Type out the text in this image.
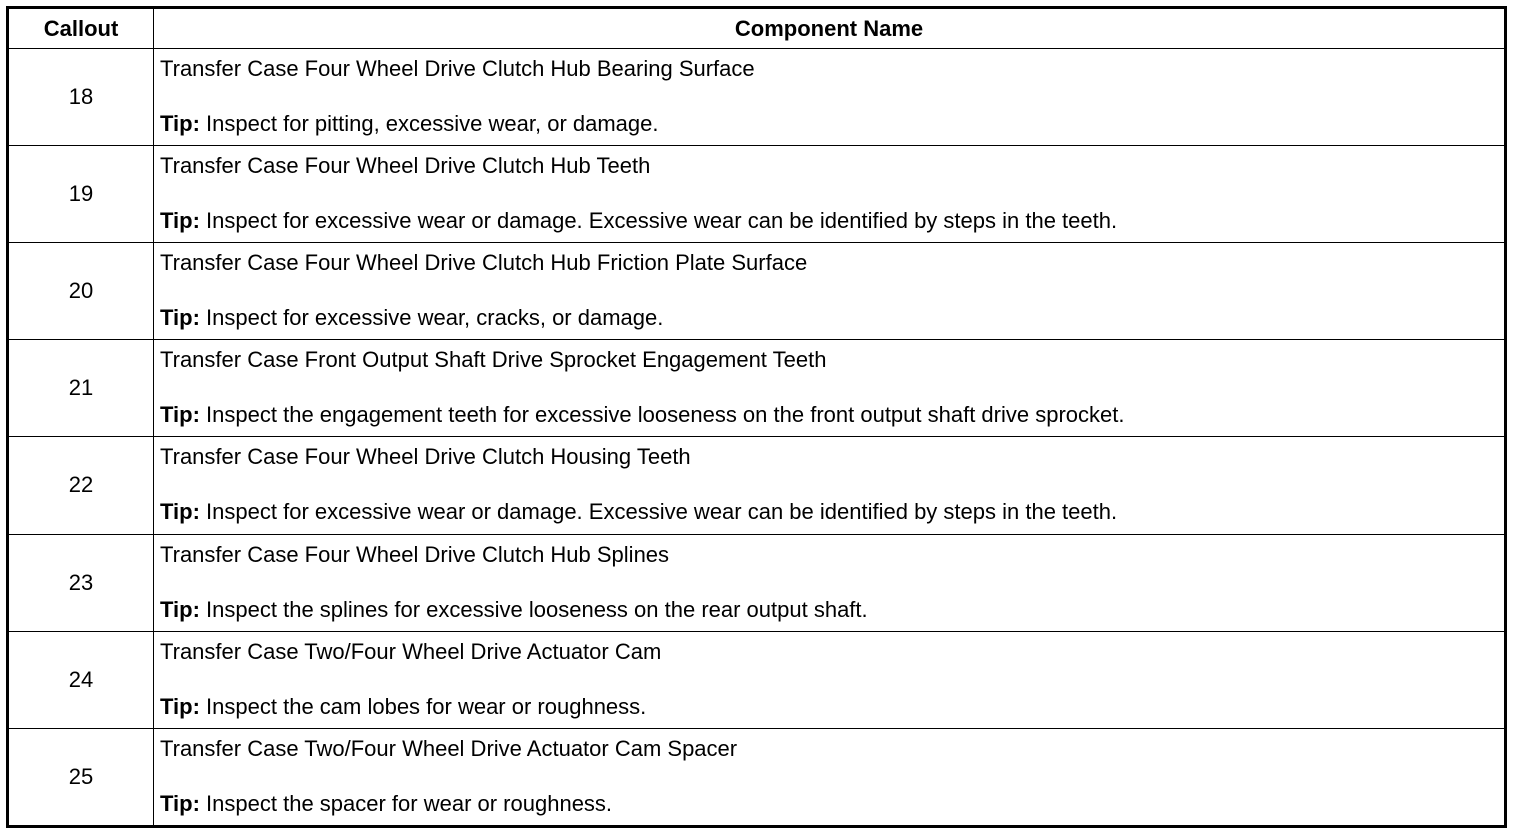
Callout	Component Name
18	Transfer Case Four Wheel Drive Clutch Hub Bearing Surface
Tip: Inspect for pitting, excessive wear, or damage.

19	Transfer Case Four Wheel Drive Clutch Hub Teeth
Tip: Inspect for excessive wear or damage. Excessive wear can be identified by steps in the teeth.

20	Transfer Case Four Wheel Drive Clutch Hub Friction Plate Surface
Tip: Inspect for excessive wear, cracks, or damage.

21	Transfer Case Front Output Shaft Drive Sprocket Engagement Teeth
Tip: Inspect the engagement teeth for excessive looseness on the front output shaft drive sprocket.

22	Transfer Case Four Wheel Drive Clutch Housing Teeth
Tip: Inspect for excessive wear or damage. Excessive wear can be identified by steps in the teeth.

23	Transfer Case Four Wheel Drive Clutch Hub Splines
Tip: Inspect the splines for excessive looseness on the rear output shaft.

24	Transfer Case Two/Four Wheel Drive Actuator Cam
Tip: Inspect the cam lobes for wear or roughness.

25	Transfer Case Two/Four Wheel Drive Actuator Cam Spacer
Tip: Inspect the spacer for wear or roughness.
